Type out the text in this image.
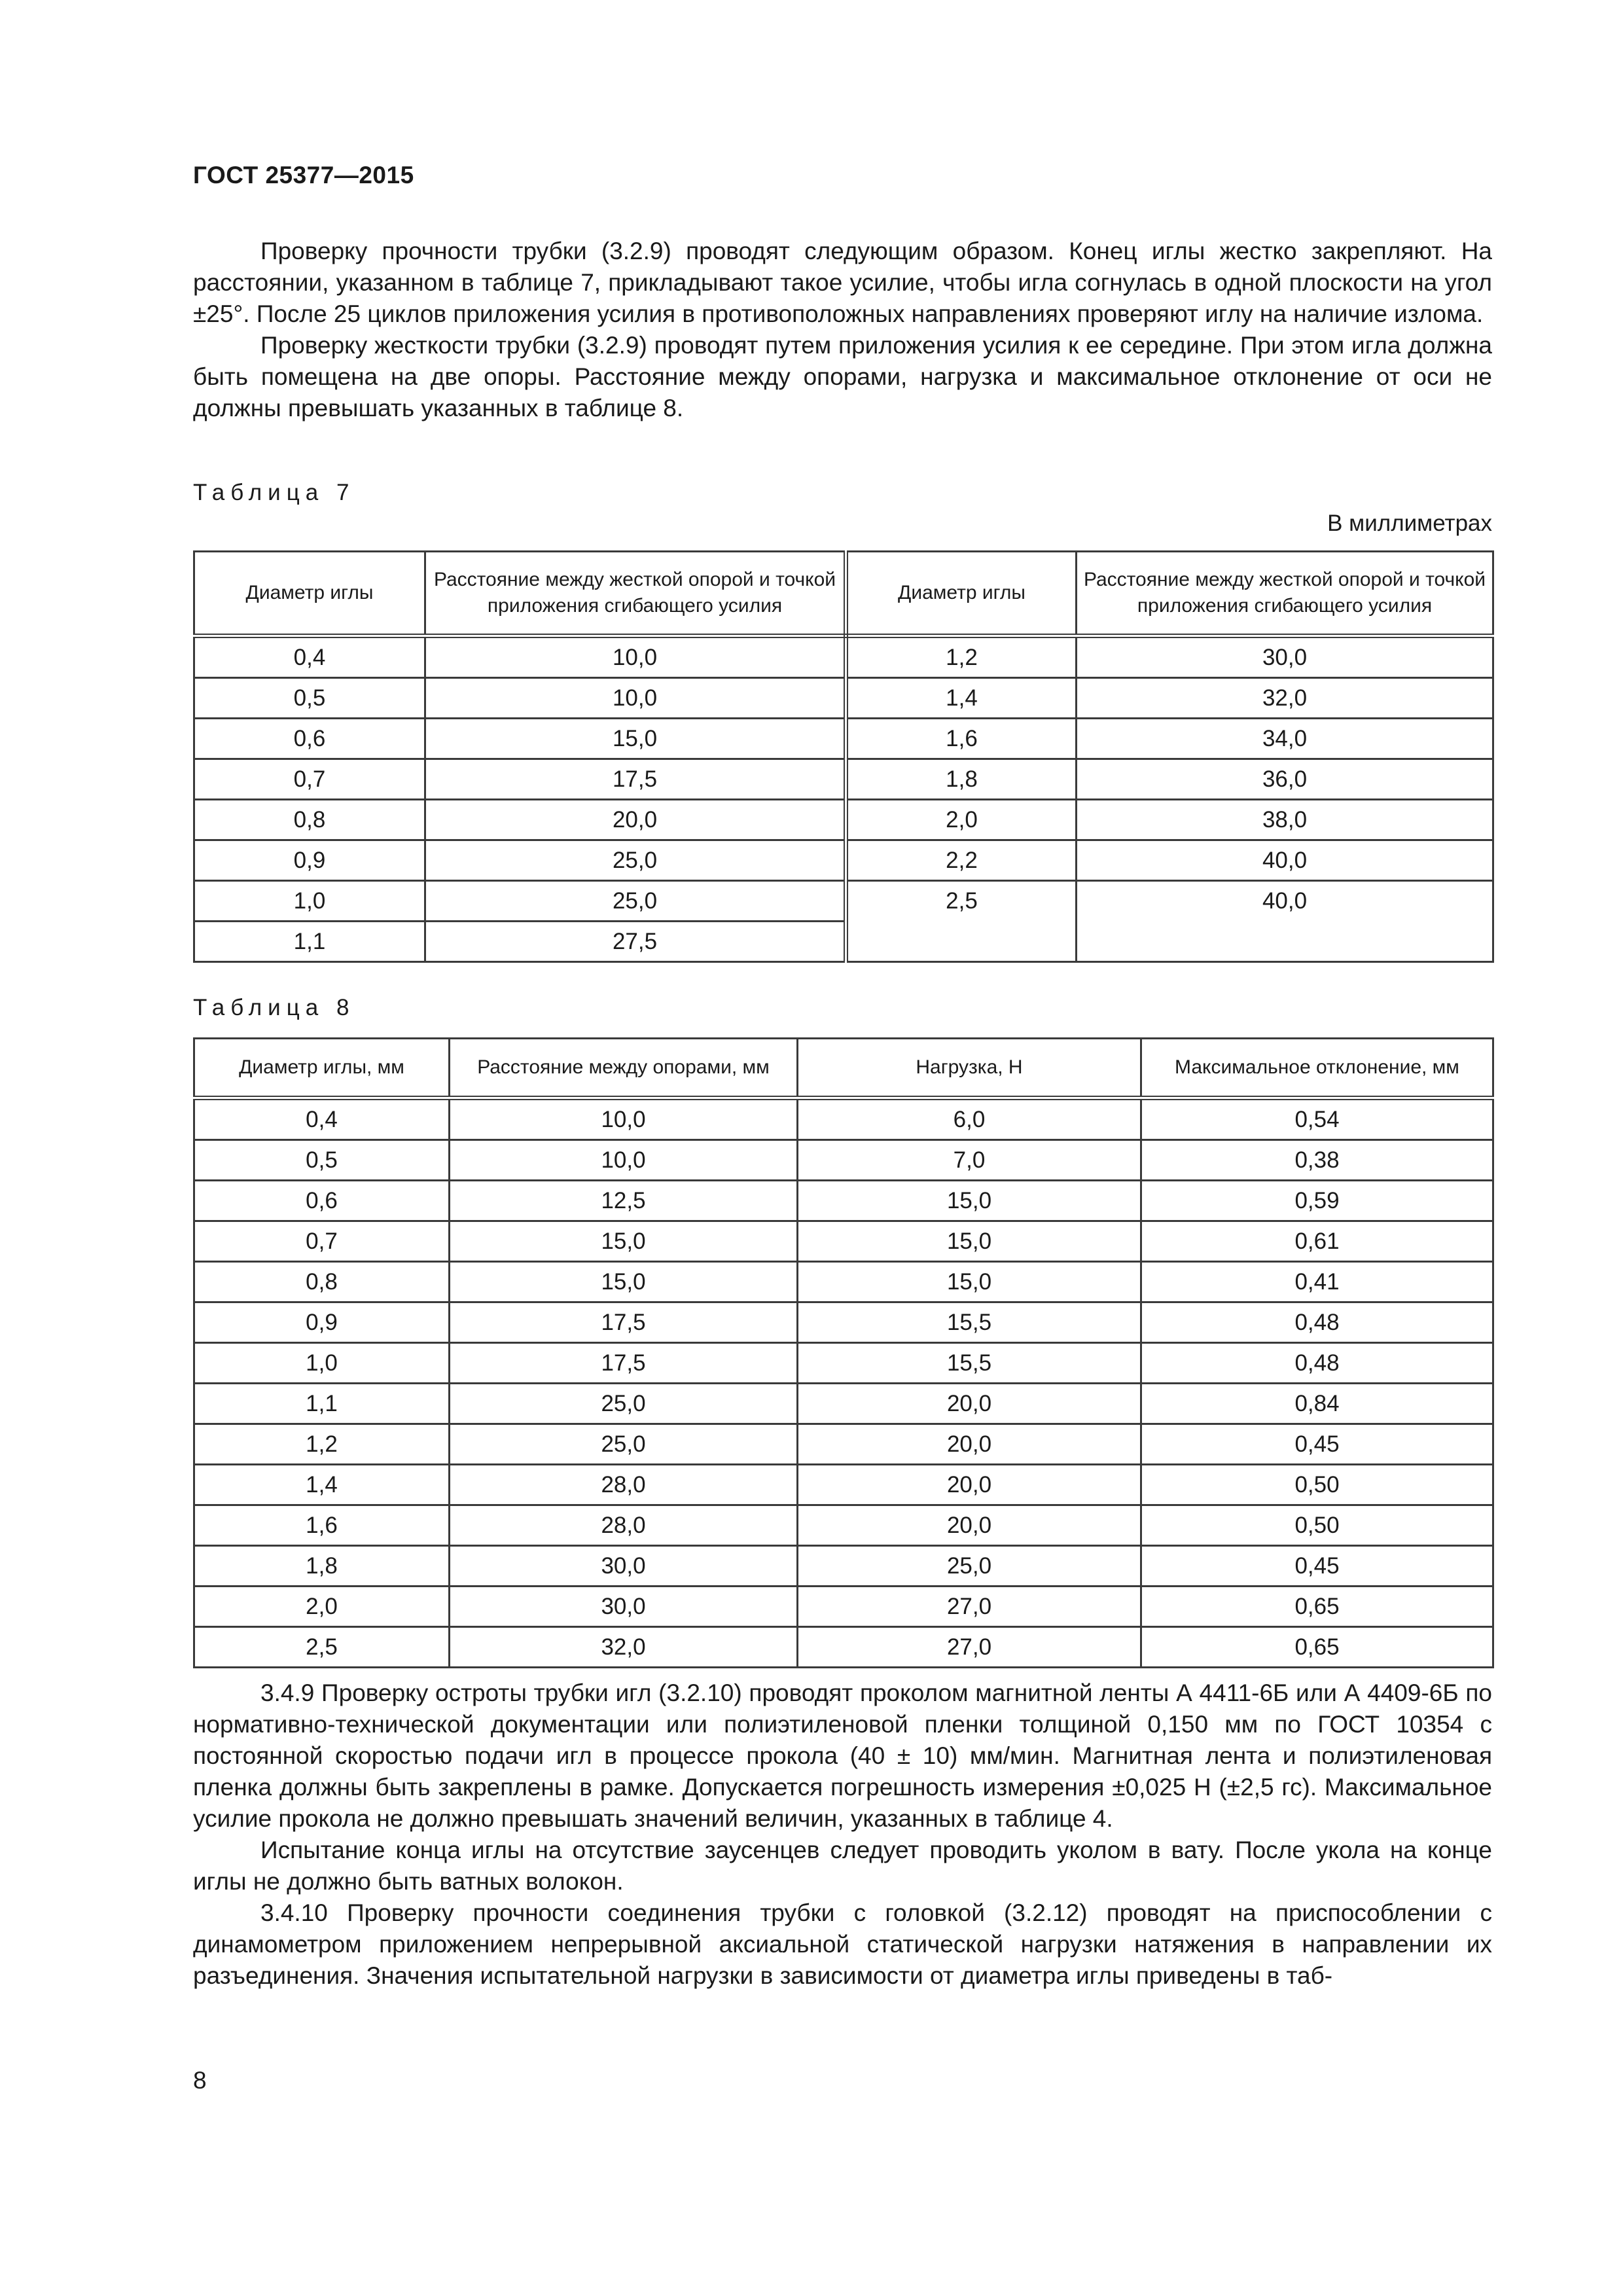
ГОСТ 25377—2015

Проверку прочности трубки (3.2.9) проводят следующим образом. Конец иглы жестко закрепляют. На расстоянии, указанном в таблице 7, прикладывают такое усилие, чтобы игла согнулась в одной плоскости на угол ±25°. После 25 циклов приложения усилия в противоположных направлениях проверяют иглу на наличие излома.

Проверку жесткости трубки (3.2.9) проводят путем приложения усилия к ее середине. При этом игла должна быть помещена на две опоры. Расстояние между опорами, нагрузка и максимальное отклонение от оси не должны превышать указанных в таблице 8.

Таблица 7
В миллиметрах
Диаметр иглы	Расстояние между жесткой опорой и точкой приложения сгибающего усилия	Диаметр иглы	Расстояние между жесткой опорой и точкой приложения сгибающего усилия
0,4	10,0	1,2	30,0
0,5	10,0	1,4	32,0
0,6	15,0	1,6	34,0
0,7	17,5	1,8	36,0
0,8	20,0	2,0	38,0
0,9	25,0	2,2	40,0
1,0	25,0	2,5	40,0
1,1	27,5		
Таблица 8
Диаметр иглы, мм	Расстояние между опорами, мм	Нагрузка, Н	Максимальное отклонение, мм
0,4	10,0	6,0	0,54
0,5	10,0	7,0	0,38
0,6	12,5	15,0	0,59
0,7	15,0	15,0	0,61
0,8	15,0	15,0	0,41
0,9	17,5	15,5	0,48
1,0	17,5	15,5	0,48
1,1	25,0	20,0	0,84
1,2	25,0	20,0	0,45
1,4	28,0	20,0	0,50
1,6	28,0	20,0	0,50
1,8	30,0	25,0	0,45
2,0	30,0	27,0	0,65
2,5	32,0	27,0	0,65

3.4.9 Проверку остроты трубки игл (3.2.10) проводят проколом магнитной ленты А 4411-6Б или А 4409-6Б по нормативно-технической документации или полиэтиленовой пленки толщиной 0,150 мм по ГОСТ 10354 с постоянной скоростью подачи игл в процессе прокола (40 ± 10) мм/мин. Магнитная лента и полиэтиленовая пленка должны быть закреплены в рамке. Допускается погрешность измерения ±0,025 Н (±2,5 гс). Максимальное усилие прокола не должно превышать значений величин, указанных в таблице 4.

Испытание конца иглы на отсутствие заусенцев следует проводить уколом в вату. После укола на конце иглы не должно быть ватных волокон.

3.4.10 Проверку прочности соединения трубки с головкой (3.2.12) проводят на приспособлении с динамометром приложением непрерывной аксиальной статической нагрузки натяжения в направлении их разъединения. Значения испытательной нагрузки в зависимости от диаметра иглы приведены в таб-

8
